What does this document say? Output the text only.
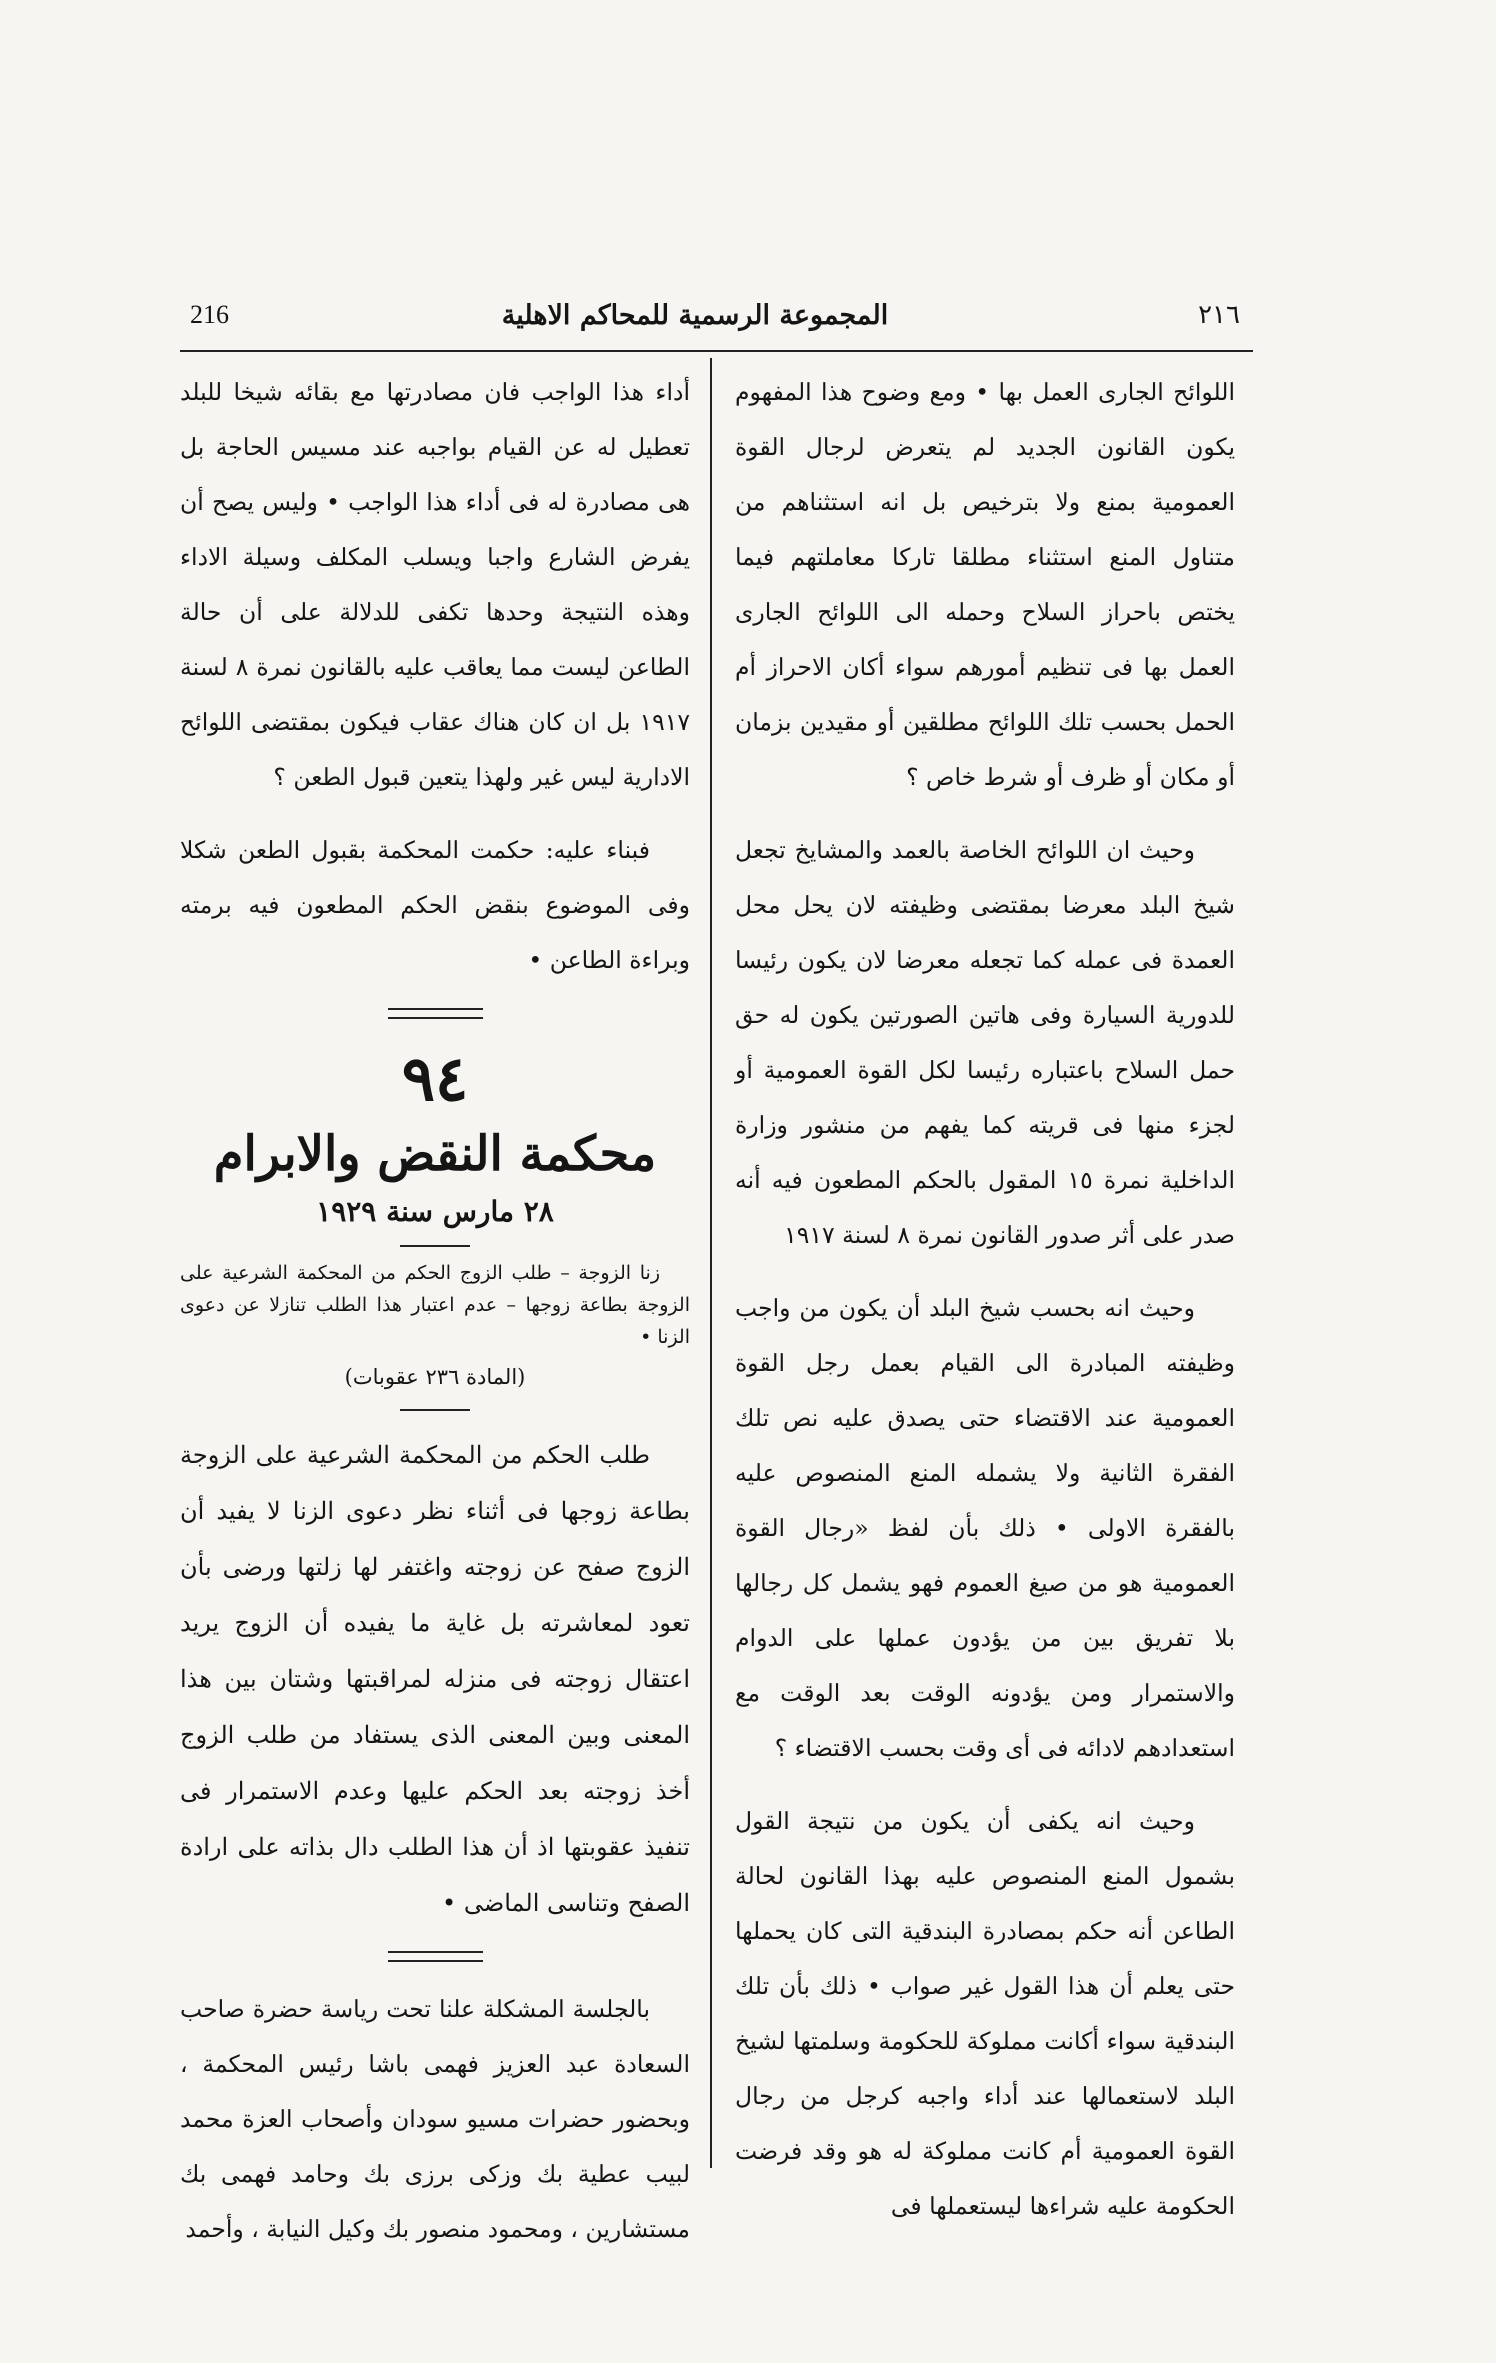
216	المجموعة الرسمية للمحاكم الاهلية	٢١٦

اللوائح الجارى العمل بها • ومع وضوح هذا المفهوم يكون القانون الجديد لم يتعرض لرجال القوة العمومية بمنع ولا بترخيص بل انه استثناهم من متناول المنع استثناء مطلقا تاركا معاملتهم فيما يختص باحراز السلاح وحمله الى اللوائح الجارى العمل بها فى تنظيم أمورهم سواء أكان الاحراز أم الحمل بحسب تلك اللوائح مطلقين أو مقيدين بزمان أو مكان أو ظرف أو شرط خاص ؟

وحيث ان اللوائح الخاصة بالعمد والمشايخ تجعل شيخ البلد معرضا بمقتضى وظيفته لان يحل محل العمدة فى عمله كما تجعله معرضا لان يكون رئيسا للدورية السيارة وفى هاتين الصورتين يكون له حق حمل السلاح باعتباره رئيسا لكل القوة العمومية أو لجزء منها فى قريته كما يفهم من منشور وزارة الداخلية نمرة ١٥ المقول بالحكم المطعون فيه أنه صدر على أثر صدور القانون نمرة ٨ لسنة ١٩١٧

وحيث انه بحسب شيخ البلد أن يكون من واجب وظيفته المبادرة الى القيام بعمل رجل القوة العمومية عند الاقتضاء حتى يصدق عليه نص تلك الفقرة الثانية ولا يشمله المنع المنصوص عليه بالفقرة الاولى • ذلك بأن لفظ «رجال القوة العمومية هو من صيغ العموم فهو يشمل كل رجالها بلا تفريق بين من يؤدون عملها على الدوام والاستمرار ومن يؤدونه الوقت بعد الوقت مع استعدادهم لادائه فى أى وقت بحسب الاقتضاء ؟

وحيث انه يكفى أن يكون من نتيجة القول بشمول المنع المنصوص عليه بهذا القانون لحالة الطاعن أنه حكم بمصادرة البندقية التى كان يحملها حتى يعلم أن هذا القول غير صواب • ذلك بأن تلك البندقية سواء أكانت مملوكة للحكومة وسلمتها لشيخ البلد لاستعمالها عند أداء واجبه كرجل من رجال القوة العمومية أم كانت مملوكة له هو وقد فرضت الحكومة عليه شراءها ليستعملها فى

أداء هذا الواجب فان مصادرتها مع بقائه شيخا للبلد تعطيل له عن القيام بواجبه عند مسيس الحاجة بل هى مصادرة له فى أداء هذا الواجب • وليس يصح أن يفرض الشارع واجبا ويسلب المكلف وسيلة الاداء وهذه النتيجة وحدها تكفى للدلالة على أن حالة الطاعن ليست مما يعاقب عليه بالقانون نمرة ٨ لسنة ١٩١٧ بل ان كان هناك عقاب فيكون بمقتضى اللوائح الادارية ليس غير ولهذا يتعين قبول الطعن ؟

فبناء عليه: حكمت المحكمة بقبول الطعن شكلا وفى الموضوع بنقض الحكم المطعون فيه برمته وبراءة الطاعن •

٩٤
محكمة النقض والابرام
٢٨ مارس سنة ١٩٢٩
زنا الزوجة – طلب الزوج الحكم من المحكمة الشرعية على الزوجة بطاعة زوجها – عدم اعتبار هذا الطلب تنازلا عن دعوى الزنا •
(المادة ٢٣٦ عقوبات)
طلب الحكم من المحكمة الشرعية على الزوجة بطاعة زوجها فى أثناء نظر دعوى الزنا لا يفيد أن الزوج صفح عن زوجته واغتفر لها زلتها ورضى بأن تعود لمعاشرته بل غاية ما يفيده أن الزوج يريد اعتقال زوجته فى منزله لمراقبتها وشتان بين هذا المعنى وبين المعنى الذى يستفاد من طلب الزوج أخذ زوجته بعد الحكم عليها وعدم الاستمرار فى تنفيذ عقوبتها اذ أن هذا الطلب دال بذاته على ارادة الصفح وتناسى الماضى •

بالجلسة المشكلة علنا تحت رياسة حضرة صاحب السعادة عبد العزيز فهمى باشا رئيس المحكمة ، وبحضور حضرات مسيو سودان وأصحاب العزة محمد لبيب عطية بك وزكى برزى بك وحامد فهمى بك مستشارين ، ومحمود منصور بك وكيل النيابة ، وأحمد
